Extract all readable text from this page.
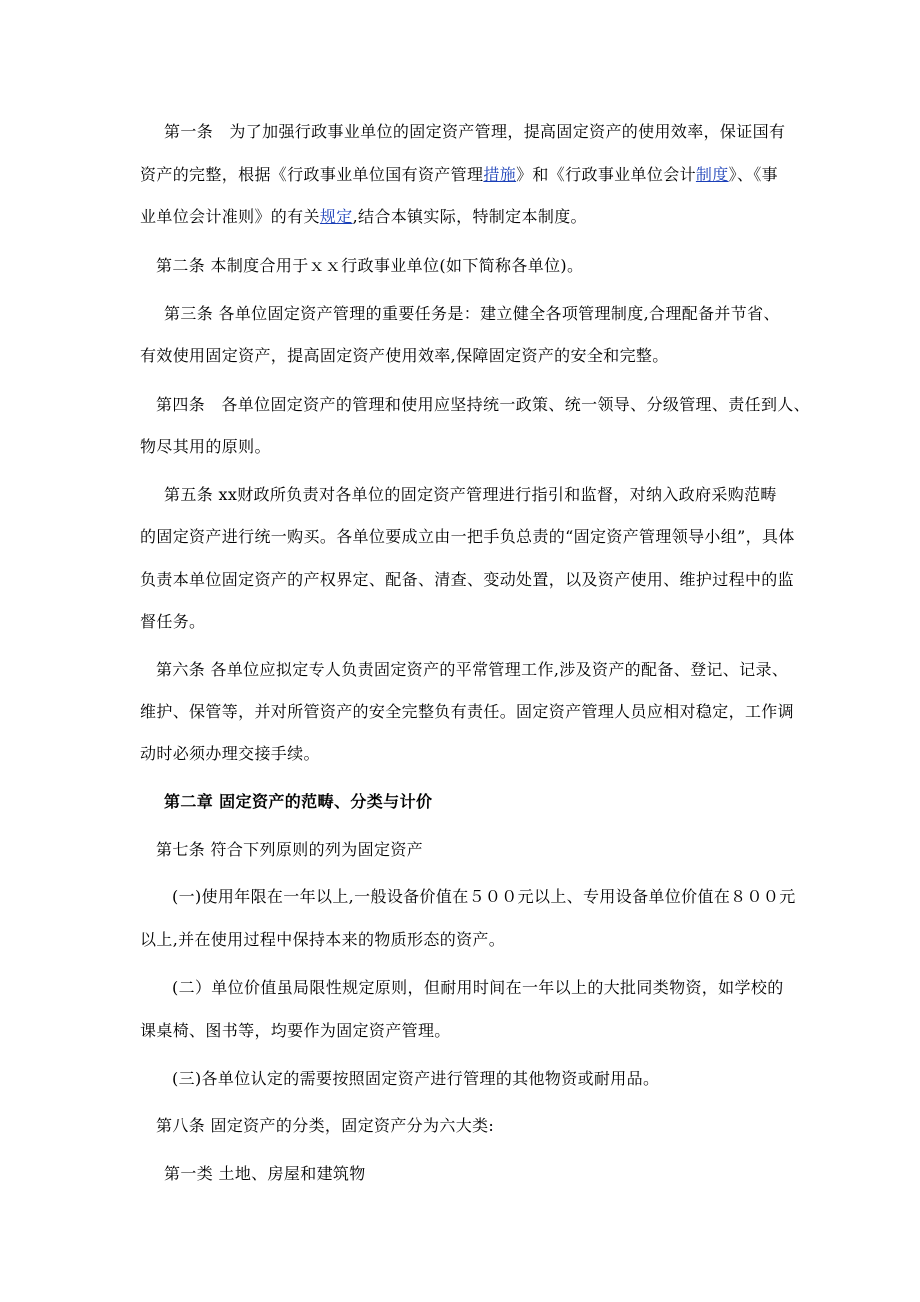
第一条　为了加强行政事业单位的固定资产管理，提高固定资产的使用效率，保证国有
资产的完整，根据《行政事业单位国有资产管理措施》和《行政事业单位会计制度》、《事
业单位会计准则》的有关规定,结合本镇实际，特制定本制度。
第二条 本制度合用于ｘｘ行政事业单位(如下简称各单位)。
第三条 各单位固定资产管理的重要任务是：建立健全各项管理制度,合理配备并节省、
有效使用固定资产，提高固定资产使用效率,保障固定资产的安全和完整。
第四条　各单位固定资产的管理和使用应坚持统一政策、统一领导、分级管理、责任到人、
物尽其用的原则。
第五条 xx财政所负责对各单位的固定资产管理进行指引和监督，对纳入政府采购范畴
的固定资产进行统一购买。各单位要成立由一把手负总责的“固定资产管理领导小组”，具体
负责本单位固定资产的产权界定、配备、清查、变动处置，以及资产使用、维护过程中的监
督任务。
第六条 各单位应拟定专人负责固定资产的平常管理工作,涉及资产的配备、登记、记录、
维护、保管等，并对所管资产的安全完整负有责任。固定资产管理人员应相对稳定，工作调
动时必须办理交接手续。
第二章 固定资产的范畴、分类与计价
第七条 符合下列原则的列为固定资产
(一)使用年限在一年以上,一般设备价值在５００元以上、专用设备单位价值在８００元
以上,并在使用过程中保持本来的物质形态的资产。
(二）单位价值虽局限性规定原则，但耐用时间在一年以上的大批同类物资，如学校的
课桌椅、图书等，均要作为固定资产管理。
(三)各单位认定的需要按照固定资产进行管理的其他物资或耐用品。
第八条 固定资产的分类，固定资产分为六大类:
第一类 土地、房屋和建筑物
